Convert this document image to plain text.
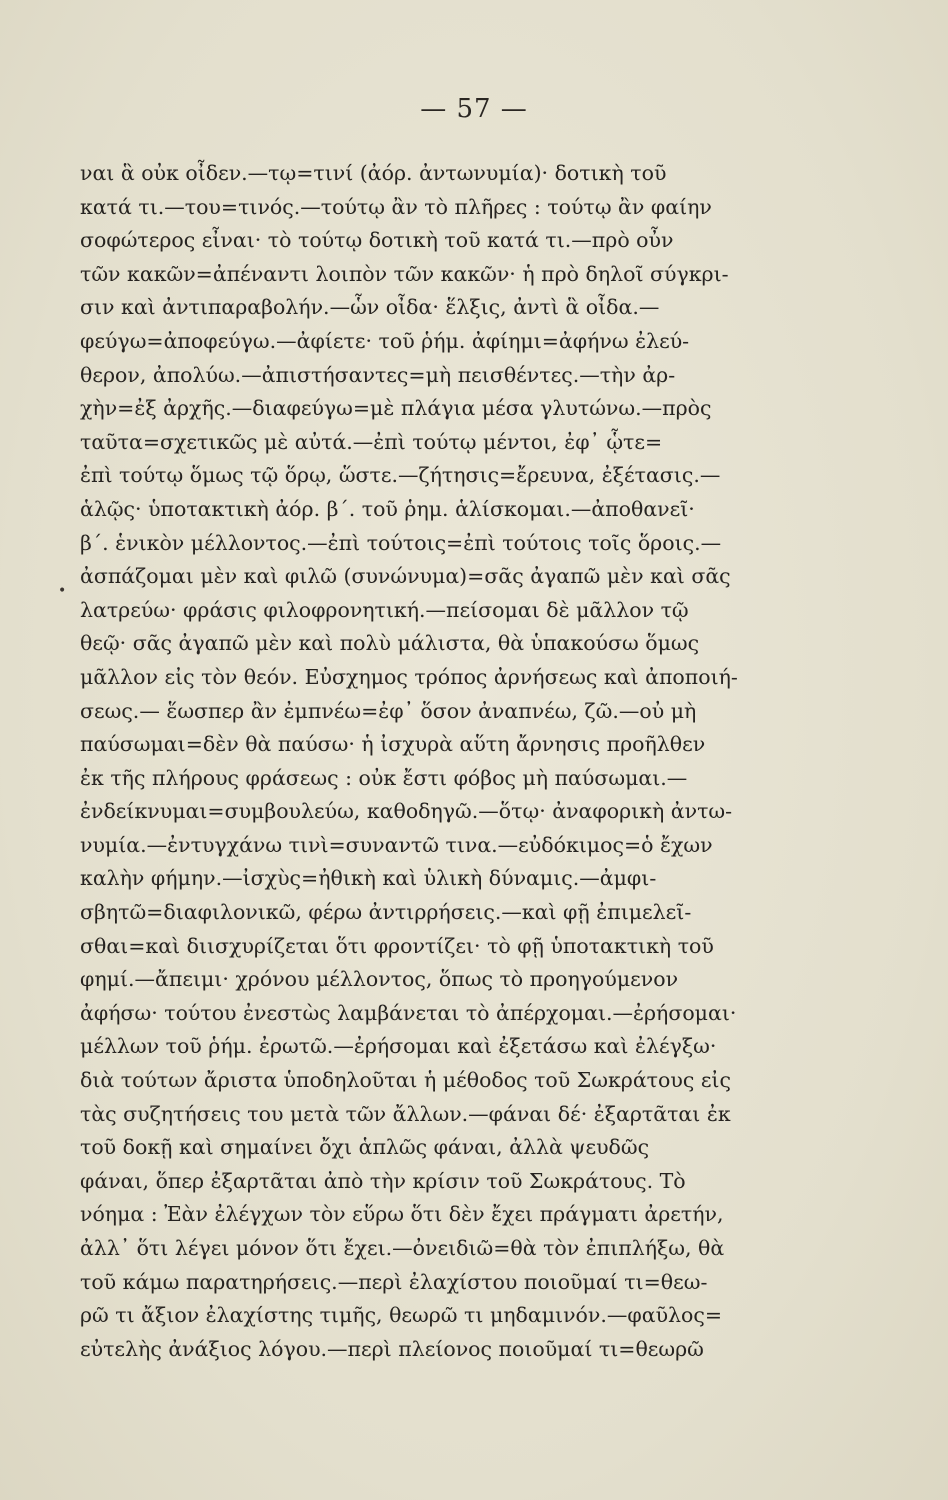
— 57 —
•
ναι ἃ οὐκ οἶδεν.—τῳ=τινί (ἀόρ. ἀντωνυμία)· δοτικὴ τοῦ
κατά τι.—του=τινός.—τούτῳ ἂν τὸ πλῆρες : τούτῳ ἂν φαίην
σοφώτερος εἶναι· τὸ τούτῳ δοτικὴ τοῦ κατά τι.—πρὸ οὖν
τῶν κακῶν=ἀπέναντι λοιπὸν τῶν κακῶν· ἡ πρὸ δηλοῖ σύγκρι-
σιν καὶ ἀντιπαραβολήν.—ὧν οἶδα· ἕλξις, ἀντὶ ἃ οἶδα.—
φεύγω=ἀποφεύγω.—ἀφίετε· τοῦ ῥήμ. ἀφίημι=ἀφήνω ἐλεύ-
θερον, ἀπολύω.—ἀπιστήσαντες=μὴ πεισθέντες.—τὴν ἀρ-
χὴν=ἐξ ἀρχῆς.—διαφεύγω=μὲ πλάγια μέσα γλυτώνω.—πρὸς
ταῦτα=σχετικῶς μὲ αὐτά.—ἐπὶ τούτῳ μέντοι, ἐφ᾽ ᾧτε=
ἐπὶ τούτῳ ὅμως τῷ ὅρῳ, ὥστε.—ζήτησις=ἔρευνα, ἐξέτασις.—
ἁλῷς· ὑποτακτικὴ ἀόρ. β΄. τοῦ ῥημ. ἁλίσκομαι.—ἀποθανεῖ·
β΄. ἑνικὸν μέλλοντος.—ἐπὶ τούτοις=ἐπὶ τούτοις τοῖς ὅροις.—
ἀσπάζομαι μὲν καὶ φιλῶ (συνώνυμα)=σᾶς ἀγαπῶ μὲν καὶ σᾶς
λατρεύω· φράσις φιλοφρονητική.—πείσομαι δὲ μᾶλλον τῷ
θεῷ· σᾶς ἀγαπῶ μὲν καὶ πολὺ μάλιστα, θὰ ὑπακούσω ὅμως
μᾶλλον εἰς τὸν θεόν. Εὐσχημος τρόπος ἀρνήσεως καὶ ἀποποιή-
σεως.— ἕωσπερ ἂν ἐμπνέω=ἐφ᾽ ὅσον ἀναπνέω, ζῶ.—οὐ μὴ
παύσωμαι=δὲν θὰ παύσω· ἡ ἰσχυρὰ αὕτη ἄρνησις προῆλθεν
ἐκ τῆς πλήρους φράσεως : οὐκ ἔστι φόβος μὴ παύσωμαι.—
ἐνδείκνυμαι=συμβουλεύω, καθοδηγῶ.—ὅτῳ· ἀναφορικὴ ἀντω-
νυμία.—ἐντυγχάνω τινὶ=συναντῶ τινα.—εὐδόκιμος=ὁ ἔχων
καλὴν φήμην.—ἰσχὺς=ἠθικὴ καὶ ὑλικὴ δύναμις.—ἀμφι-
σβητῶ=διαφιλονικῶ, φέρω ἀντιρρήσεις.—καὶ φῇ ἐπιμελεῖ-
σθαι=καὶ διισχυρίζεται ὅτι φροντίζει· τὸ φῇ ὑποτακτικὴ τοῦ
φημί.—ἄπειμι· χρόνου μέλλοντος, ὅπως τὸ προηγούμενον
ἀφήσω· τούτου ἐνεστὼς λαμβάνεται τὸ ἀπέρχομαι.—ἐρήσομαι·
μέλλων τοῦ ῥήμ. ἐρωτῶ.—ἐρήσομαι καὶ ἐξετάσω καὶ ἐλέγξω·
διὰ τούτων ἄριστα ὑποδηλοῦται ἡ μέθοδος τοῦ Σωκράτους εἰς
τὰς συζητήσεις του μετὰ τῶν ἄλλων.—φάναι δέ· ἐξαρτᾶται ἐκ
τοῦ δοκῇ καὶ σημαίνει ὄχι ἁπλῶς φάναι, ἀλλὰ ψευδῶς
φάναι, ὅπερ ἐξαρτᾶται ἀπὸ τὴν κρίσιν τοῦ Σωκράτους. Τὸ
νόημα : Ἐὰν ἐλέγχων τὸν εὕρω ὅτι δὲν ἔχει πράγματι ἀρετήν,
ἀλλ᾽ ὅτι λέγει μόνον ὅτι ἔχει.—ὀνειδιῶ=θὰ τὸν ἐπιπλήξω, θὰ
τοῦ κάμω παρατηρήσεις.—περὶ ἐλαχίστου ποιοῦμαί τι=θεω-
ρῶ τι ἄξιον ἐλαχίστης τιμῆς, θεωρῶ τι μηδαμινόν.—φαῦλος=
εὐτελὴς ἀνάξιος λόγου.—περὶ πλείονος ποιοῦμαί τι=θεωρῶ
